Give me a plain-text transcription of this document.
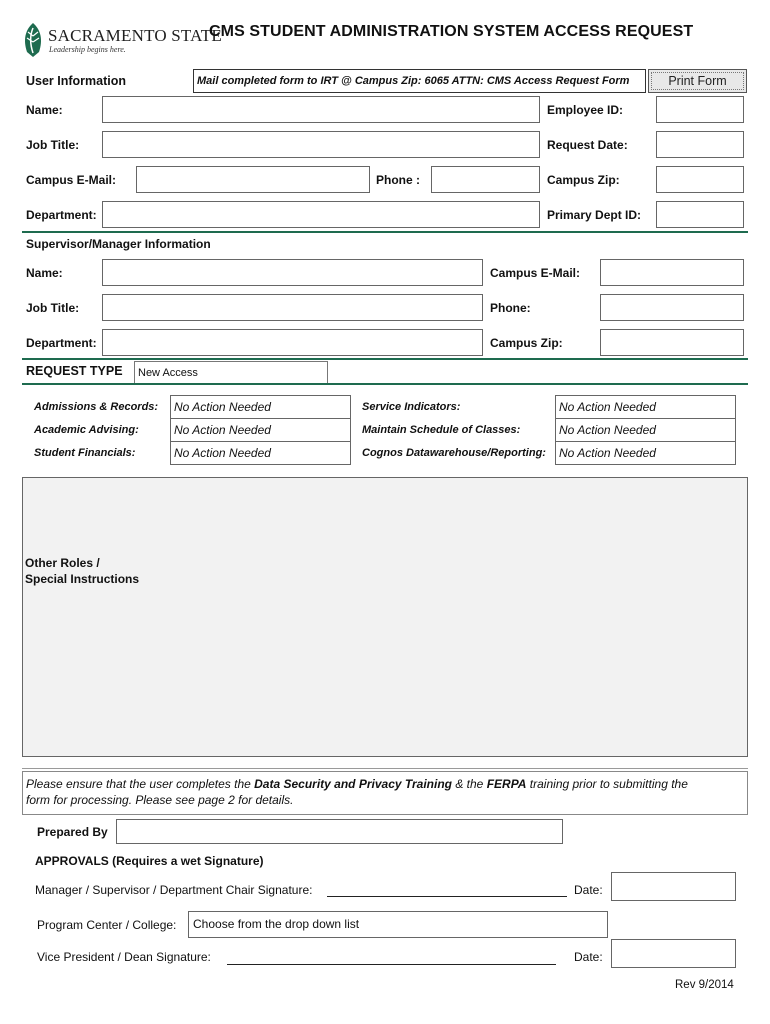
SACRAMENTO STATE
Leadership begins here.
CMS STUDENT ADMINISTRATION SYSTEM ACCESS REQUEST
User Information	Mail completed form to IRT @ Campus Zip: 6065 ATTN: CMS Access Request Form	Print Form
Name:	Employee ID:
Job Title:	Request Date:
Campus E-Mail:	Phone :	Campus Zip:
Department:	Primary Dept ID:
Supervisor/Manager Information
Name:	Campus E-Mail:
Job Title:	Phone:
Department:	Campus Zip:
REQUEST TYPE New Access
Admissions & Records: No Action Needed
Academic Advising:	No Action Needed
Student Financials:	No Action Needed
Service Indicators:	No Action Needed
Maintain Schedule of Classes:	No Action Needed
Cognos Datawarehouse/Reporting: No Action Needed
Other Roles /
Special Instructions
Please ensure that the user completes the Data Security and Privacy Training & the FERPA training prior to submitting the
form for processing. Please see page 2 for details.
Prepared By
APPROVALS (Requires a wet Signature)
Manager / Supervisor / Department Chair Signature:	Date:
Program Center / College:	Choose from the drop down list
Vice President / Dean Signature:	Date:
Rev 9/2014
